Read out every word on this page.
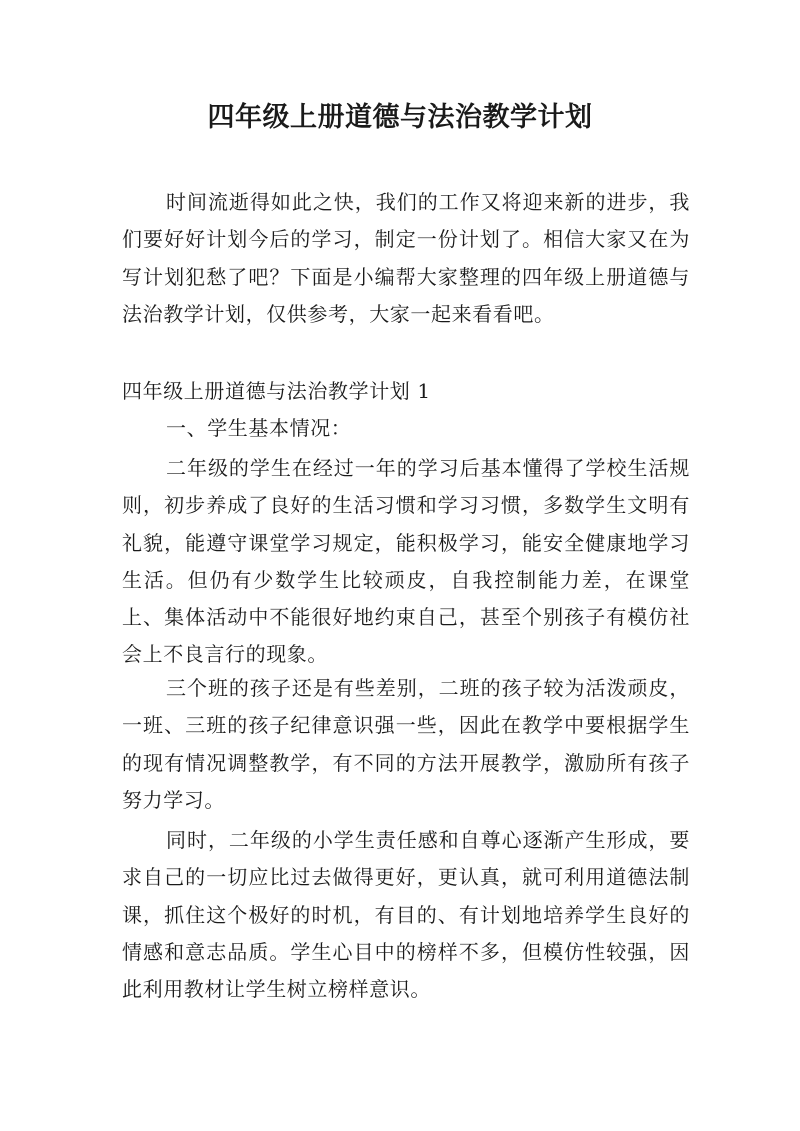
四年级上册道德与法治教学计划

时间流逝得如此之快，我们的工作又将迎来新的进步，我们要好好计划今后的学习，制定一份计划了。相信大家又在为写计划犯愁了吧？下面是小编帮大家整理的四年级上册道德与法治教学计划，仅供参考，大家一起来看看吧。

四年级上册道德与法治教学计划 1

一、学生基本情况：

二年级的学生在经过一年的学习后基本懂得了学校生活规则，初步养成了良好的生活习惯和学习习惯，多数学生文明有礼貌，能遵守课堂学习规定，能积极学习，能安全健康地学习生活。但仍有少数学生比较顽皮，自我控制能力差，在课堂上、集体活动中不能很好地约束自己，甚至个别孩子有模仿社会上不良言行的现象。

三个班的孩子还是有些差别，二班的孩子较为活泼顽皮，一班、三班的孩子纪律意识强一些，因此在教学中要根据学生的现有情况调整教学，有不同的方法开展教学，激励所有孩子努力学习。

同时，二年级的小学生责任感和自尊心逐渐产生形成，要求自己的一切应比过去做得更好，更认真，就可利用道德法制课，抓住这个极好的时机，有目的、有计划地培养学生良好的情感和意志品质。学生心目中的榜样不多，但模仿性较强，因此利用教材让学生树立榜样意识。
